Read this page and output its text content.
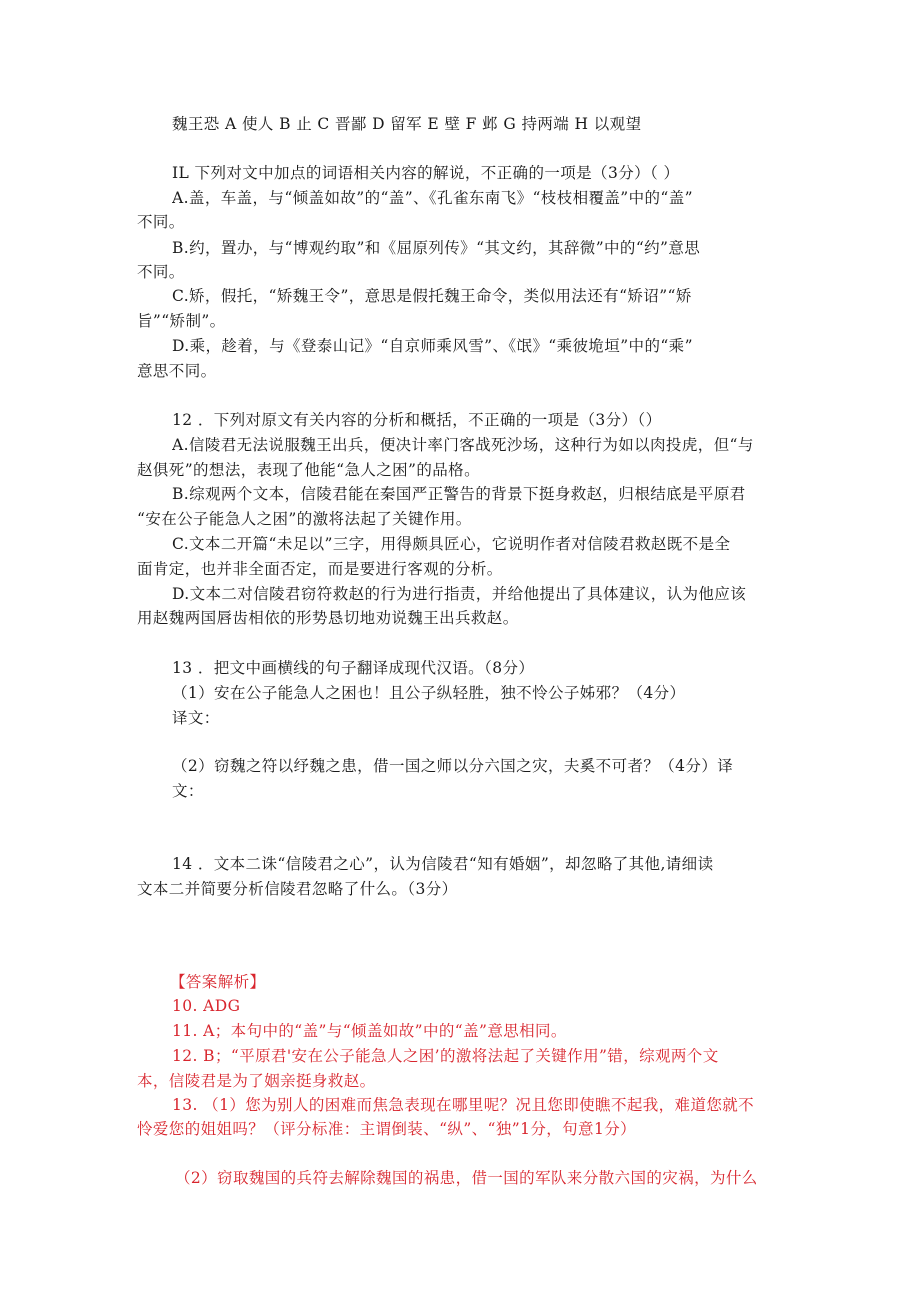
魏王恐 A 使人 B 止 C 晋鄙 D 留军 E 壁 F 邺 G 持两端 H 以观望
IL 下列对文中加点的词语相关内容的解说，不正确的一项是（3分）（ ）
A.盖，车盖，与“倾盖如故”的“盖”、《孔雀东南飞》“枝枝相覆盖”中的“盖”
不同。
B.约，置办，与“博观约取”和《屈原列传》“其文约，其辞微”中的“约”意思
不同。
C.矫，假托，“矫魏王令”，意思是假托魏王命令，类似用法还有“矫诏”“矫
旨”“矫制”。
D.乘，趁着，与《登泰山记》“自京师乘风雪”、《氓》“乘彼垝垣”中的“乘”
意思不同。
12 ．下列对原文有关内容的分析和概括，不正确的一项是（3分）（）
A.信陵君无法说服魏王出兵，便决计率门客战死沙场，这种行为如以肉投虎，但“与
赵俱死”的想法，表现了他能“急人之困”的品格。
B.综观两个文本，信陵君能在秦国严正警告的背景下挺身救赵，归根结底是平原君
“安在公子能急人之困”的激将法起了关键作用。
C.文本二开篇“未足以”三字，用得颇具匠心，它说明作者对信陵君救赵既不是全
面肯定，也并非全面否定，而是要进行客观的分析。
D.文本二对信陵君窃符救赵的行为进行指责，并给他提出了具体建议，认为他应该
用赵魏两国唇齿相依的形势恳切地劝说魏王出兵救赵。
13 ．把文中画横线的句子翻译成现代汉语。（8分）
（1）安在公子能急人之困也！且公子纵轻胜，独不怜公子姊邪？（4分）
译文：
（2）窃魏之符以纾魏之患，借一国之师以分六国之灾，夫奚不可者？（4分）译
文：
14 ．文本二诛“信陵君之心”，认为信陵君“知有婚姻”，却忽略了其他,请细读
文本二并简要分析信陵君忽略了什么。（3分）
【答案解析】
10. ADG
11. A；本句中的“盖”与“倾盖如故”中的“盖”意思相同。
12. B；“平原君'安在公子能急人之困’的激将法起了关键作用”错，综观两个文
本，信陵君是为了姻亲挺身救赵。
13. （1）您为别人的困难而焦急表现在哪里呢？况且您即使瞧不起我，难道您就不
怜爱您的姐姐吗？（评分标准：主谓倒装、“纵”、“独”1分，句意1分）
（2）窃取魏国的兵符去解除魏国的祸患，借一国的军队来分散六国的灾祸，为什么
